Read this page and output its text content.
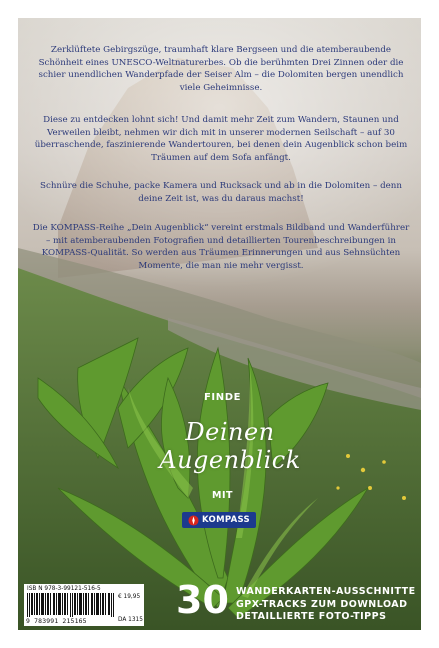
Zerklüftete Gebirgszüge, traumhaft klare Bergseen und die atemberaubende Schönheit eines UNESCO-Weltnaturerbes. Ob die berühmten Drei Zinnen oder die schier unendlichen Wanderpfade der Seiser Alm – die Dolomiten bergen unendlich viele Geheimnisse.
Diese zu entdecken lohnt sich! Und damit mehr Zeit zum Wandern, Staunen und Verweilen bleibt, nehmen wir dich mit in unserer modernen Seilschaft – auf 30 überraschende, faszinierende Wandertouren, bei denen dein Augenblick schon beim Träumen auf dem Sofa anfängt.
Schnüre die Schuhe, packe Kamera und Rucksack und ab in die Dolomiten – denn deine Zeit ist, was du daraus machst!
Die KOMPASS-Reihe „Dein Augenblick“ vereint erstmals Bildband und Wanderführer – mit atemberaubenden Fotografien und detaillierten Tourenbeschreibungen in KOMPASS-Qualität. So werden aus Träumen Erinnerungen und aus Sehnsüchten Momente, die man nie mehr vergisst.
FINDE
Deinen Augenblick
MIT
KOMPASS
30 WANDERKARTEN-AUSSCHNITTE
GPX-TRACKS ZUM DOWNLOAD
DETAILLIERTE FOTO-TIPPS
ISB N 978-3-99121-516-5
€ 19,95
9 783991 215165	DA 1315
